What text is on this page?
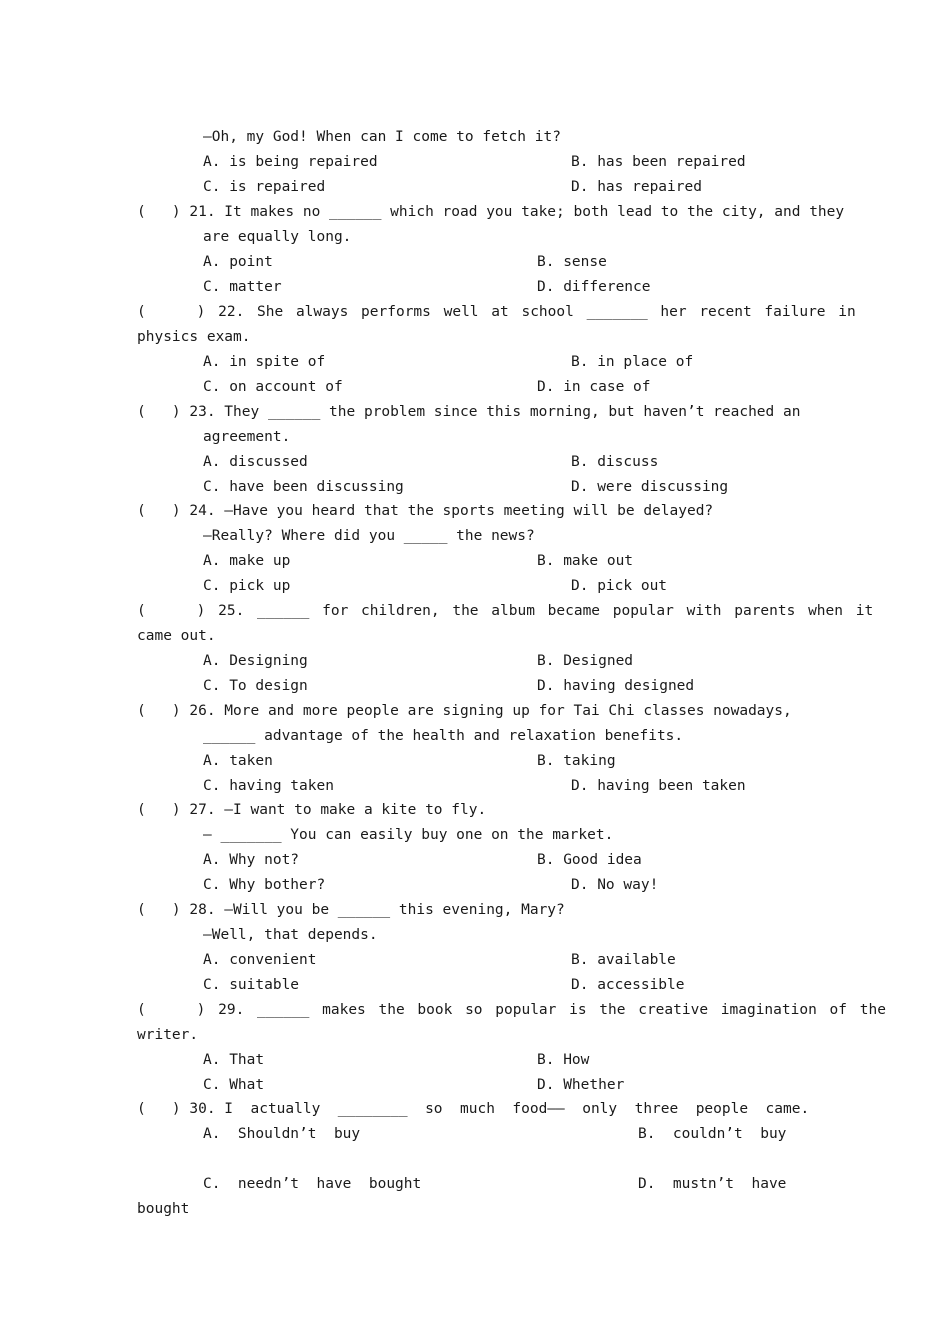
—Oh, my God! When can I come to fetch it?

A. is being repaired	B. has been repaired

C. is repaired	D. has repaired

(   ) 21. It makes no ______ which road you take; both lead to the city, and they

are equally long.

A. point	B. sense

C. matter	D. difference

(    ) 22. She always performs well at school _______ her recent failure in

physics exam.

A. in spite of	B. in place of

C. on account of	D. in case of

(   ) 23. They ______ the problem since this morning, but haven’t reached an

agreement.

A. discussed	B. discuss

C. have been discussing	D. were discussing

(   ) 24. —Have you heard that the sports meeting will be delayed?

—Really? Where did you _____ the news?

A. make up	B. make out

C. pick up	D. pick out

(    ) 25. ______ for children, the album became popular with parents when it

came out.

A. Designing	B. Designed

C. To design	D. having designed

(   ) 26. More and more people are signing up for Tai Chi classes nowadays,

______ advantage of the health and relaxation benefits.

A. taken	B. taking

C. having taken	D. having been taken

(   ) 27. —I want to make a kite to fly.

— _______ You can easily buy one on the market.

A. Why not?	B. Good idea

C. Why bother?	D. No way!

(   ) 28. —Will you be ______ this evening, Mary?

—Well, that depends.

A. convenient	B. available

C. suitable	D. accessible

(    ) 29. ______ makes the book so popular is the creative imagination of the

writer.

A. That	B. How

C. What	D. Whether

(   ) 30. I  actually  ________  so  much  food——  only  three  people  came.

A.  Shouldn’t  buy	B.  couldn’t  buy

C.  needn’t  have  bought	D.  mustn’t  have

bought
